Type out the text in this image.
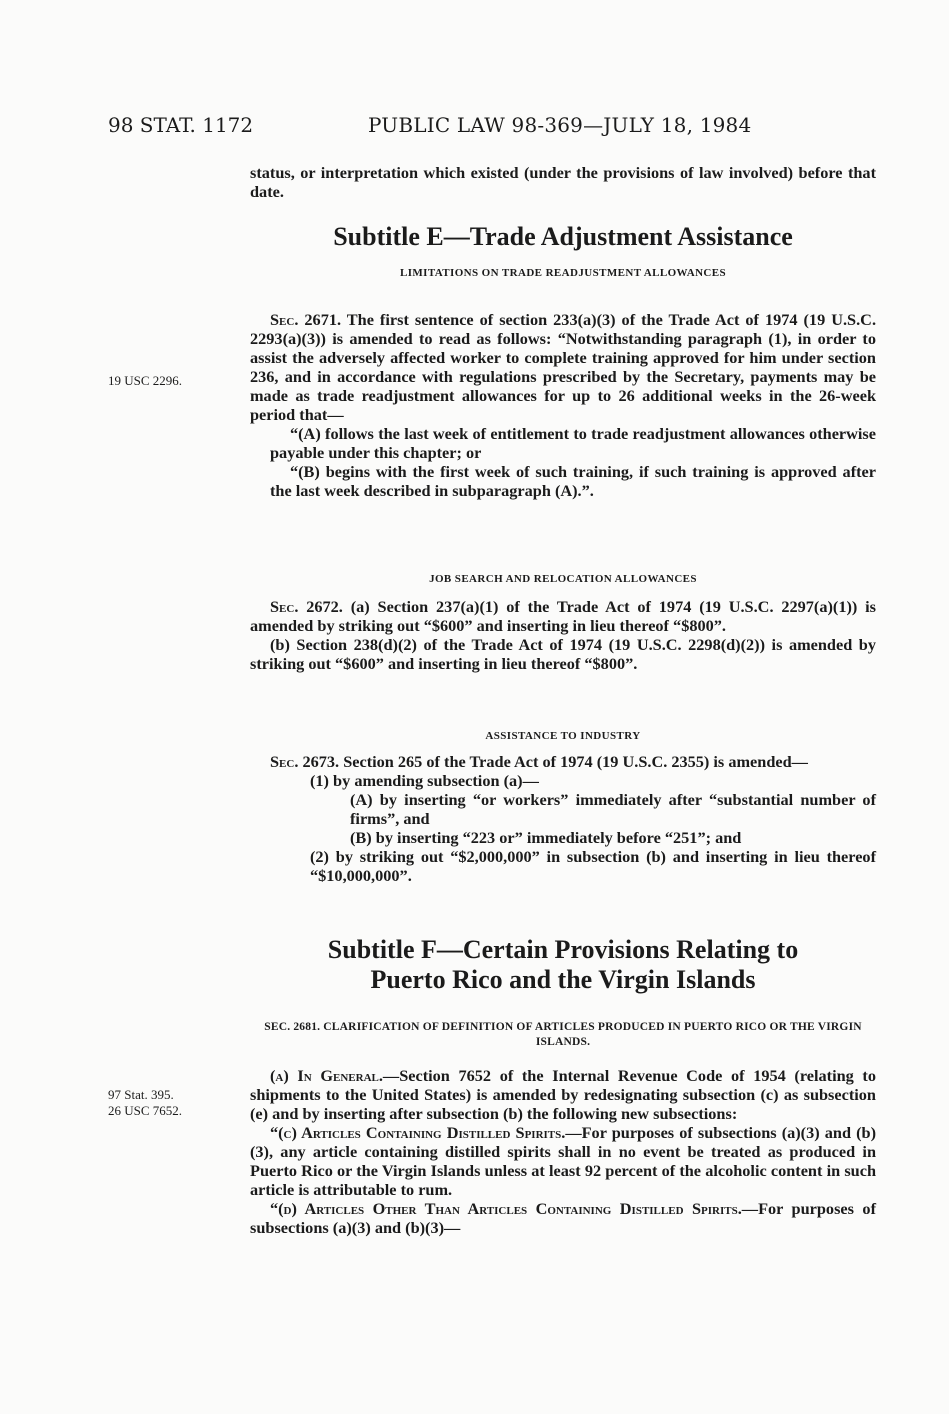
98 STAT. 1172	PUBLIC LAW 98-369—JULY 18, 1984
19 USC 2296.
97 Stat. 395.
26 USC 7652.

status, or interpretation which existed (under the provisions of law involved) before that date.

Subtitle E—Trade Adjustment Assistance

LIMITATIONS ON TRADE READJUSTMENT ALLOWANCES

Sec. 2671. The first sentence of section 233(a)(3) of the Trade Act of 1974 (19 U.S.C. 2293(a)(3)) is amended to read as follows: “Notwithstanding paragraph (1), in order to assist the adversely affected worker to complete training approved for him under section 236, and in accordance with regulations prescribed by the Secretary, payments may be made as trade readjustment allowances for up to 26 additional weeks in the 26-week period that—

“(A) follows the last week of entitlement to trade readjustment allowances otherwise payable under this chapter; or

“(B) begins with the first week of such training, if such training is approved after the last week described in subparagraph (A).”.

JOB SEARCH AND RELOCATION ALLOWANCES

Sec. 2672. (a) Section 237(a)(1) of the Trade Act of 1974 (19 U.S.C. 2297(a)(1)) is amended by striking out “$600” and inserting in lieu thereof “$800”.

(b) Section 238(d)(2) of the Trade Act of 1974 (19 U.S.C. 2298(d)(2)) is amended by striking out “$600” and inserting in lieu thereof “$800”.

ASSISTANCE TO INDUSTRY

Sec. 2673. Section 265 of the Trade Act of 1974 (19 U.S.C. 2355) is amended—

(1) by amending subsection (a)—

(A) by inserting “or workers” immediately after “substantial number of firms”, and

(B) by inserting “223 or” immediately before “251”; and

(2) by striking out “$2,000,000” in subsection (b) and inserting in lieu thereof “$10,000,000”.

Subtitle F—Certain Provisions Relating to

Puerto Rico and the Virgin Islands

SEC. 2681. CLARIFICATION OF DEFINITION OF ARTICLES PRODUCED IN PUERTO RICO OR THE VIRGIN ISLANDS.

(a) In General.—Section 7652 of the Internal Revenue Code of 1954 (relating to shipments to the United States) is amended by redesignating subsection (c) as subsection (e) and by inserting after subsection (b) the following new subsections:

“(c) Articles Containing Distilled Spirits.—For purposes of subsections (a)(3) and (b)(3), any article containing distilled spirits shall in no event be treated as produced in Puerto Rico or the Virgin Islands unless at least 92 percent of the alcoholic content in such article is attributable to rum.

“(d) Articles Other Than Articles Containing Distilled Spirits.—For purposes of subsections (a)(3) and (b)(3)—
